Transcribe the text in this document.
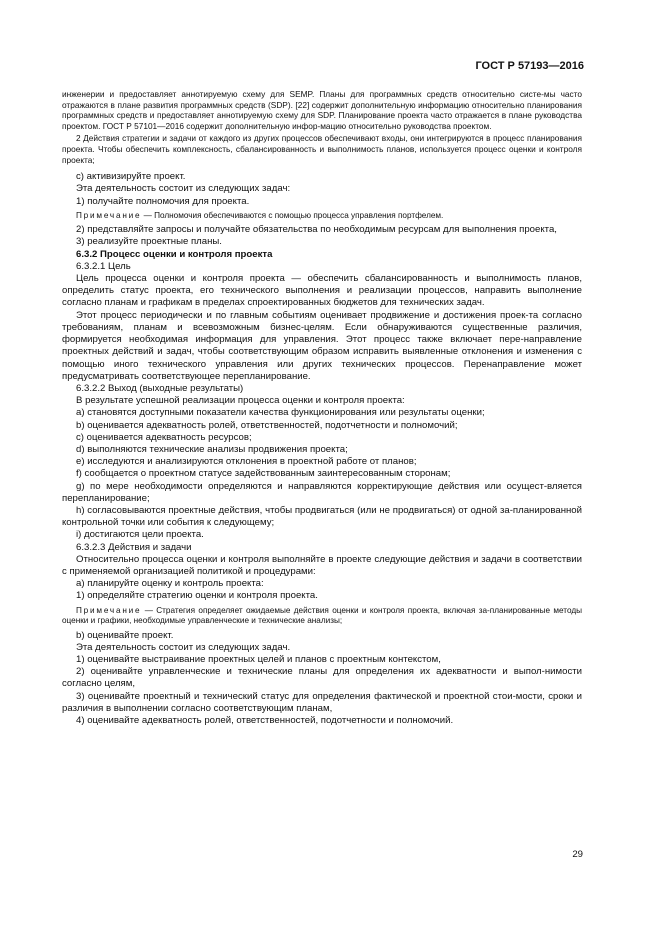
ГОСТ Р 57193—2016

инженерии и предоставляет аннотируемую схему для SEMP. Планы для программных средств относительно систе-мы часто отражаются в плане развития программных средств (SDP). [22] содержит дополнительную информацию относительно планирования программных средств и предоставляет аннотируемую схему для SDP. Планирование проекта часто отражается в плане руководства проектом. ГОСТ Р 57101—2016 содержит дополнительную инфор-мацию относительно руководства проектом.

2 Действия стратегии и задачи от каждого из других процессов обеспечивают входы, они интегрируются в процесс планирования проекта. Чтобы обеспечить комплексность, сбалансированность и выполнимость планов, используется процесс оценки и контроля проекта;

с) активизируйте проект.

Эта деятельность состоит из следующих задач:

1) получайте полномочия для проекта.

Примечание — Полномочия обеспечиваются с помощью процесса управления портфелем.

2) представляйте запросы и получайте обязательства по необходимым ресурсам для выполнения проекта,

3) реализуйте проектные планы.

6.3.2 Процесс оценки и контроля проекта

6.3.2.1 Цель

Цель процесса оценки и контроля проекта — обеспечить сбалансированность и выполнимость планов, определить статус проекта, его технического выполнения и реализации процессов, направить выполнение согласно планам и графикам в пределах спроектированных бюджетов для технических задач.

Этот процесс периодически и по главным событиям оценивает продвижение и достижения проек-та согласно требованиям, планам и всевозможным бизнес-целям. Если обнаруживаются существенные различия, формируется необходимая информация для управления. Этот процесс также включает пере-направление проектных действий и задач, чтобы соответствующим образом исправить выявленные отклонения и изменения с помощью иного технического управления или других технических процессов. Перенаправление может предусматривать соответствующее перепланирование.

6.3.2.2 Выход (выходные результаты)

В результате успешной реализации процесса оценки и контроля проекта:

a) становятся доступными показатели качества функционирования или результаты оценки;

b) оценивается адекватность ролей, ответственностей, подотчетности и полномочий;

c) оценивается адекватность ресурсов;

d) выполняются технические анализы продвижения проекта;

e) исследуются и анализируются отклонения в проектной работе от планов;

f) сообщается о проектном статусе задействованным заинтересованным сторонам;

g) по мере необходимости определяются и направляются корректирующие действия или осущест-вляется перепланирование;

h) согласовываются проектные действия, чтобы продвигаться (или не продвигаться) от одной за-планированной контрольной точки или события к следующему;

i) достигаются цели проекта.

6.3.2.3 Действия и задачи

Относительно процесса оценки и контроля выполняйте в проекте следующие действия и задачи в соответствии с применяемой организацией политикой и процедурами:

a) планируйте оценку и контроль проекта:

1) определяйте стратегию оценки и контроля проекта.

Примечание — Стратегия определяет ожидаемые действия оценки и контроля проекта, включая за-планированные методы оценки и графики, необходимые управленческие и технические анализы;

b) оценивайте проект.

Эта деятельность состоит из следующих задач.

1) оценивайте выстраивание проектных целей и планов с проектным контекстом,

2) оценивайте управленческие и технические планы для определения их адекватности и выпол-нимости согласно целям,

3) оценивайте проектный и технический статус для определения фактической и проектной стои-мости, сроки и различия в выполнении согласно соответствующим планам,

4) оценивайте адекватность ролей, ответственностей, подотчетности и полномочий.

29
